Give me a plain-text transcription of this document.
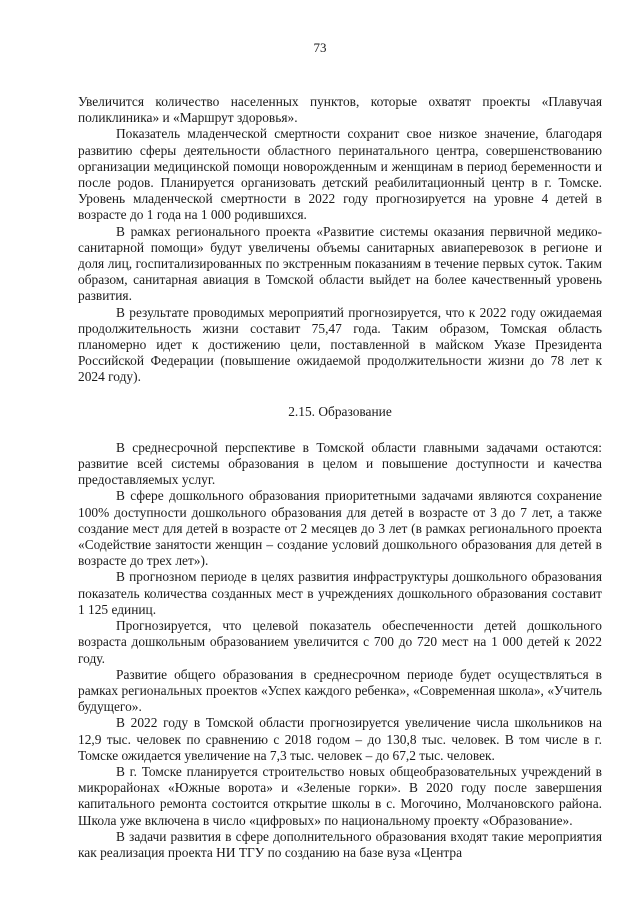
73

Увеличится количество населенных пунктов, которые охватят проекты «Плавучая поликлиника» и «Маршрут здоровья».

Показатель младенческой смертности сохранит свое низкое значение, благодаря развитию сферы деятельности областного перинатального центра, совершенствованию организации медицинской помощи новорожденным и женщинам в период беременности и после родов. Планируется организовать детский реабилитационный центр в г. Томске. Уровень младенческой смертности в 2022 году прогнозируется на уровне 4 детей в возрасте до 1 года на 1 000 родившихся.

В рамках регионального проекта «Развитие системы оказания первичной медико-санитарной помощи» будут увеличены объемы санитарных авиаперевозок в регионе и доля лиц, госпитализированных по экстренным показаниям в течение первых суток. Таким образом, санитарная авиация в Томской области выйдет на более качественный уровень развития.

В результате проводимых мероприятий прогнозируется, что к 2022 году ожидаемая продолжительность жизни составит 75,47 года. Таким образом, Томская область планомерно идет к достижению цели, поставленной в майском Указе Президента Российской Федерации (повышение ожидаемой продолжительности жизни до 78 лет к 2024 году).

2.15. Образование

В среднесрочной перспективе в Томской области главными задачами остаются: развитие всей системы образования в целом и повышение доступности и качества предоставляемых услуг.

В сфере дошкольного образования приоритетными задачами являются сохранение 100% доступности дошкольного образования для детей в возрасте от 3 до 7 лет, а также создание мест для детей в возрасте от 2 месяцев до 3 лет (в рамках регионального проекта «Содействие занятости женщин – создание условий дошкольного образования для детей в возрасте до трех лет»).

В прогнозном периоде в целях развития инфраструктуры дошкольного образования показатель количества созданных мест в учреждениях дошкольного образования составит 1 125 единиц.

Прогнозируется, что целевой показатель обеспеченности детей дошкольного возраста дошкольным образованием увеличится с 700 до 720 мест на 1 000 детей к 2022 году.

Развитие общего образования в среднесрочном периоде будет осуществляться в рамках региональных проектов «Успех каждого ребенка», «Современная школа», «Учитель будущего».

В 2022 году в Томской области прогнозируется увеличение числа школьников на 12,9 тыс. человек по сравнению с 2018 годом – до 130,8 тыс. человек. В том числе в г. Томске ожидается увеличение на 7,3 тыс. человек – до 67,2 тыс. человек.

В г. Томске планируется строительство новых общеобразовательных учреждений в микрорайонах «Южные ворота» и «Зеленые горки». В 2020 году после завершения капитального ремонта состоится открытие школы в с. Могочино, Молчановского района. Школа уже включена в число «цифровых» по национальному проекту «Образование».

В задачи развития в сфере дополнительного образования входят такие мероприятия как реализация проекта НИ ТГУ по созданию на базе вуза «Центра
